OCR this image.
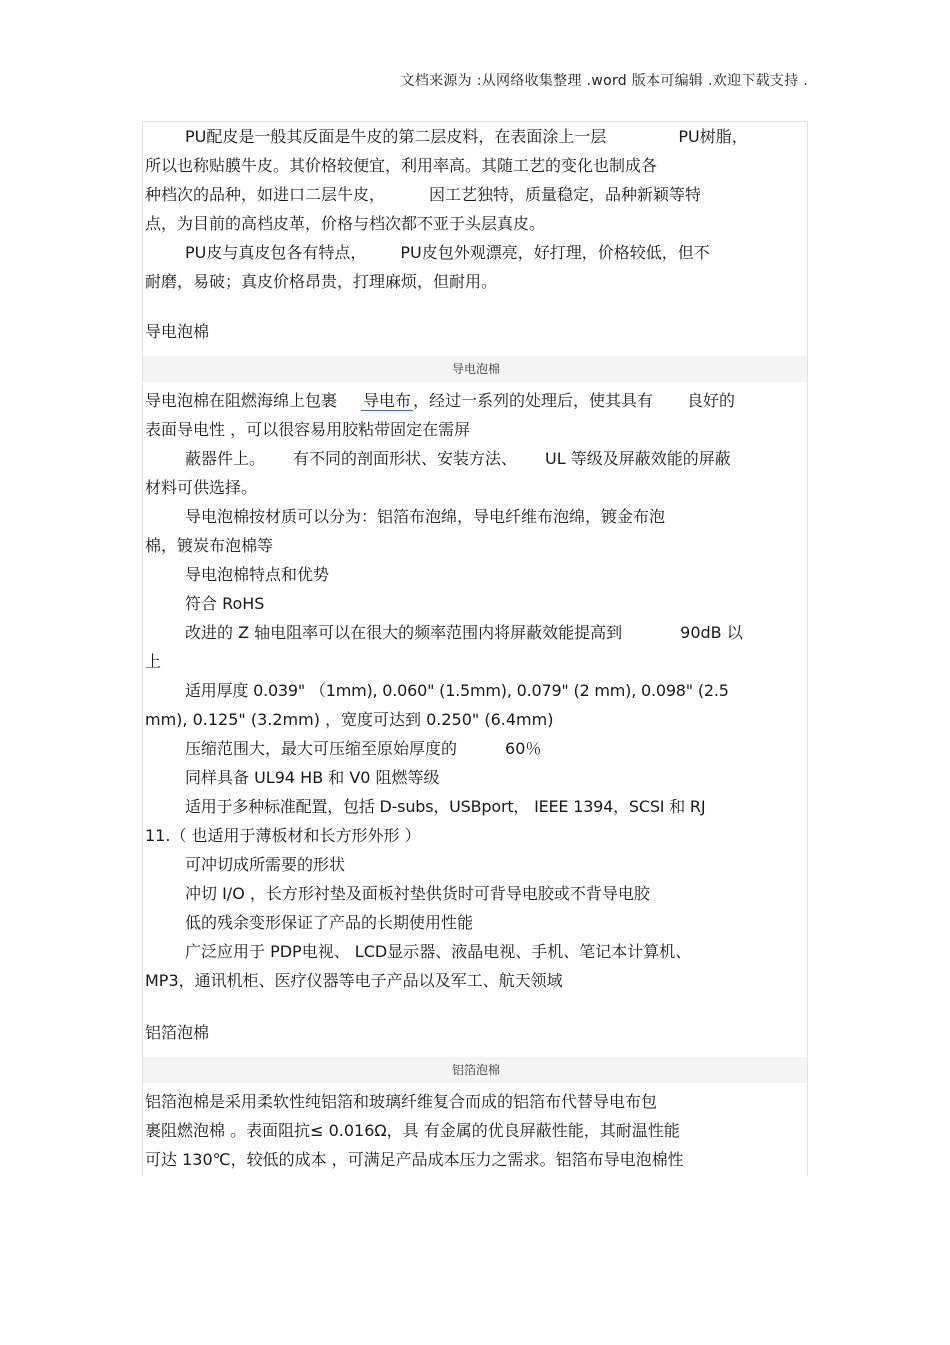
文档来源为 :从网络收集整理 .word 版本可编辑 .欢迎下载支持 .
PU配皮是一般其反面是牛皮的第二层皮料，在表面涂上一层	PU树脂，
所以也称贴膜牛皮。其价格较便宜，利用率高。其随工艺的变化也制成各
种档次的品种，如进口二层牛皮，	因工艺独特，质量稳定，品种新颖等特
点，为目前的高档皮革，价格与档次都不亚于头层真皮。
PU皮与真皮包各有特点， PU皮包外观漂亮，好打理，价格较低，但不
耐磨，易破；真皮价格昂贵，打理麻烦，但耐用。
导电泡棉
导电泡棉
导电泡棉在阻燃海绵上包裹 导电布 ，经过一系列的处理后，使其具有 良好的
表面导电性 ，可以很容易用胶粘带固定在需屏
蔽器件上。 有不同的剖面形状、安装方法、 UL 等级及屏蔽效能的屏蔽
材料可供选择。
导电泡棉按材质可以分为：铝箔布泡绵，导电纤维布泡绵，镀金布泡
棉，镀炭布泡棉等
导电泡棉特点和优势
符合 RoHS
改进的 Z 轴电阻率可以在很大的频率范围内将屏蔽效能提高到	90dB 以
上
适用厚度 0.039" （1mm), 0.060" (1.5mm), 0.079" (2 mm), 0.098" (2.5
mm), 0.125" (3.2mm) ，宽度可达到 0.250" (6.4mm)
压缩范围大，最大可压缩至原始厚度的	60％
同样具备 UL94 HB 和 V0 阻燃等级
适用于多种标准配置，包括 D-subs，USBport， IEEE 1394，SCSI 和 RJ
11.（ 也适用于薄板材和长方形外形 ）
可冲切成所需要的形状
冲切 I/O ，长方形衬垫及面板衬垫供货时可背导电胶或不背导电胶
低的残余变形保证了产品的长期使用性能
广泛应用于 PDP电视、 LCD显示器、液晶电视、手机、笔记本计算机、
MP3，通讯机柜、医疗仪器等电子产品以及军工、航天领域
铝箔泡棉
铝箔泡棉
铝箔泡棉是采用柔软性纯铝箔和玻璃纤维复合而成的铝箔布代替导电布包
裹阻燃泡棉 。表面阻抗≤ 0.016Ω，具 有金属的优良屏蔽性能，其耐温性能
可达 130℃，较低的成本 ，可满足产品成本压力之需求。铝箔布导电泡棉性
